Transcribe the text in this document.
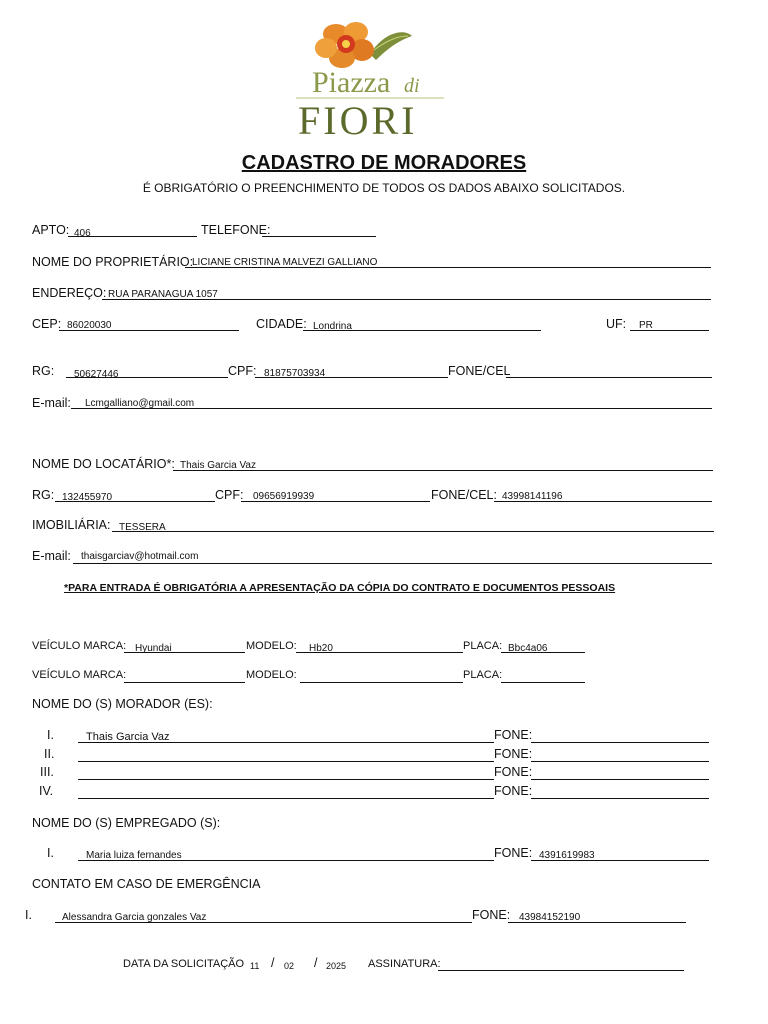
Piazza di
FIORI
CADASTRO DE MORADORES
É OBRIGATÓRIO O PREENCHIMENTO DE TODOS OS DADOS ABAIXO SOLICITADOS.
APTO: 406	TELEFONE:
NOME DO PROPRIETÁRIO:
LICIANE CRISTINA MALVEZI GALLIANO
ENDEREÇO: RUA PARANAGUA 1057
CEP: 86020030	CIDADE: Londrina	UF: PR
RG: 50627446	CPF: 81875703934	FONE/CEL
E-mail: Lcmgalliano@gmail.com
NOME DO LOCATÁRIO*: Thais Garcia Vaz
RG: 132455970	CPF: 09656919939	FONE/CEL: 43998141196
IMOBILIÁRIA: TESSERA
E-mail: thaisgarciav@hotmail.com
*PARA ENTRADA É OBRIGATÓRIA A APRESENTAÇÃO DA CÓPIA DO CONTRATO E DOCUMENTOS PESSOAIS
VEÍCULO MARCA: Hyundai	MODELO: Hb20	PLACA: Bbc4a06
VEÍCULO MARCA:	MODELO:	PLACA:
NOME DO (S) MORADOR (ES):
I.	Thais Garcia Vaz	FONE:
II.	FONE:
III.	FONE:
IV.	FONE:
NOME DO (S) EMPREGADO (S):
I.	Maria luiza fernandes	FONE: 4391619983
CONTATO EM CASO DE EMERGÊNCIA
I.	Alessandra Garcia gonzales Vaz	FONE: 43984152190
DATA DA SOLICITAÇÃO 11 / 02 / 2025 ASSINATURA:
